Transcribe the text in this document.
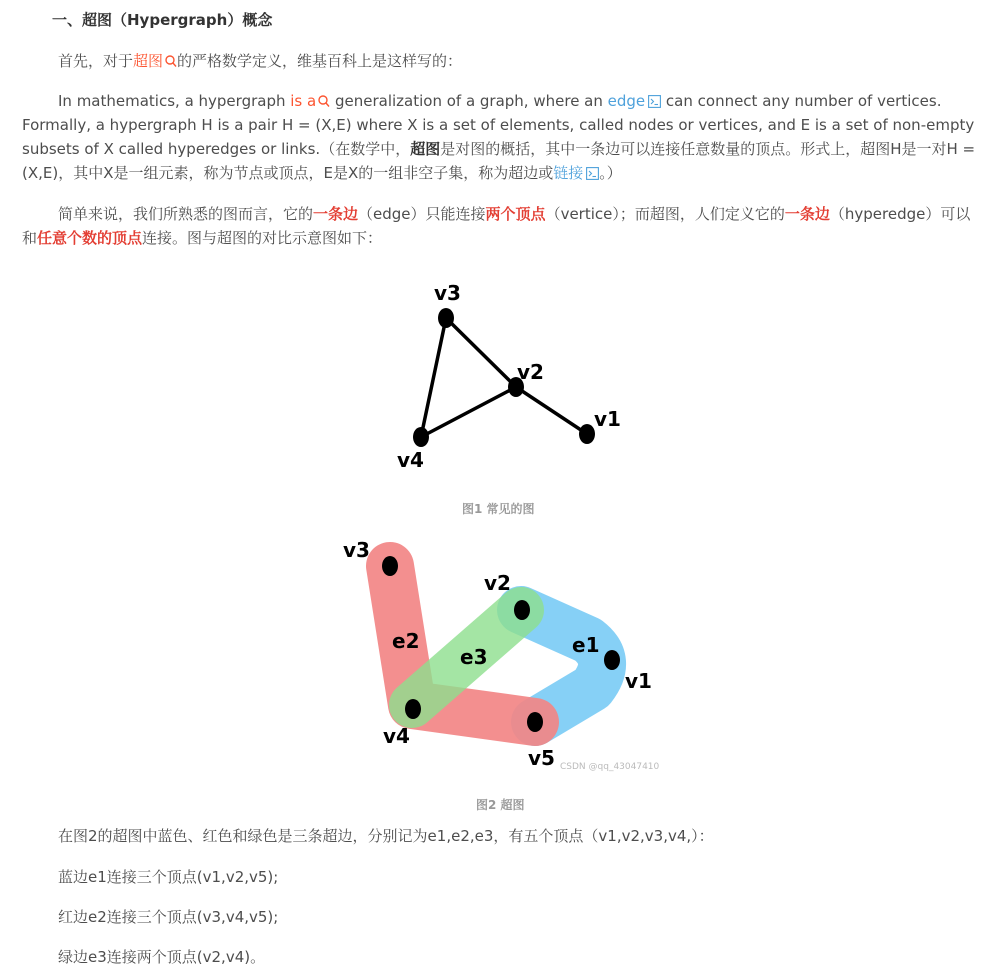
一、超图（Hypergraph）概念
首先，对于超图 的严格数学定义，维基百科上是这样写的：
In mathematics, a hypergraph is a generalization of a graph, where an edge can connect any number of vertices. Formally, a hypergraph H is a pair H = (X,E) where X is a set of elements, called nodes or vertices, and E is a set of non-empty subsets of X called hyperedges or links.（在数学中，超图是对图的概括，其中一条边可以连接任意数量的顶点。形式上，超图H是一对H = (X,E)，其中X是一组元素，称为节点或顶点，E是X的一组非空子集，称为超边或链接 。）
简单来说，我们所熟悉的图而言，它的一条边（edge）只能连接两个顶点（vertice）；而超图，人们定义它的一条边（hyperedge）可以和任意个数的顶点连接。图与超图的对比示意图如下：
v3
v2
v1
v4
图1 常见的图
v3
v2
v1
v4
v5
e2
e3	e1
CSDN @qq_43047410
图2 超图
在图2的超图中蓝色、红色和绿色是三条超边，分别记为e1,e2,e3，有五个顶点（v1,v2,v3,v4,）：
蓝边e1连接三个顶点(v1,v2,v5);
红边e2连接三个顶点(v3,v4,v5);
绿边e3连接两个顶点(v2,v4)。
